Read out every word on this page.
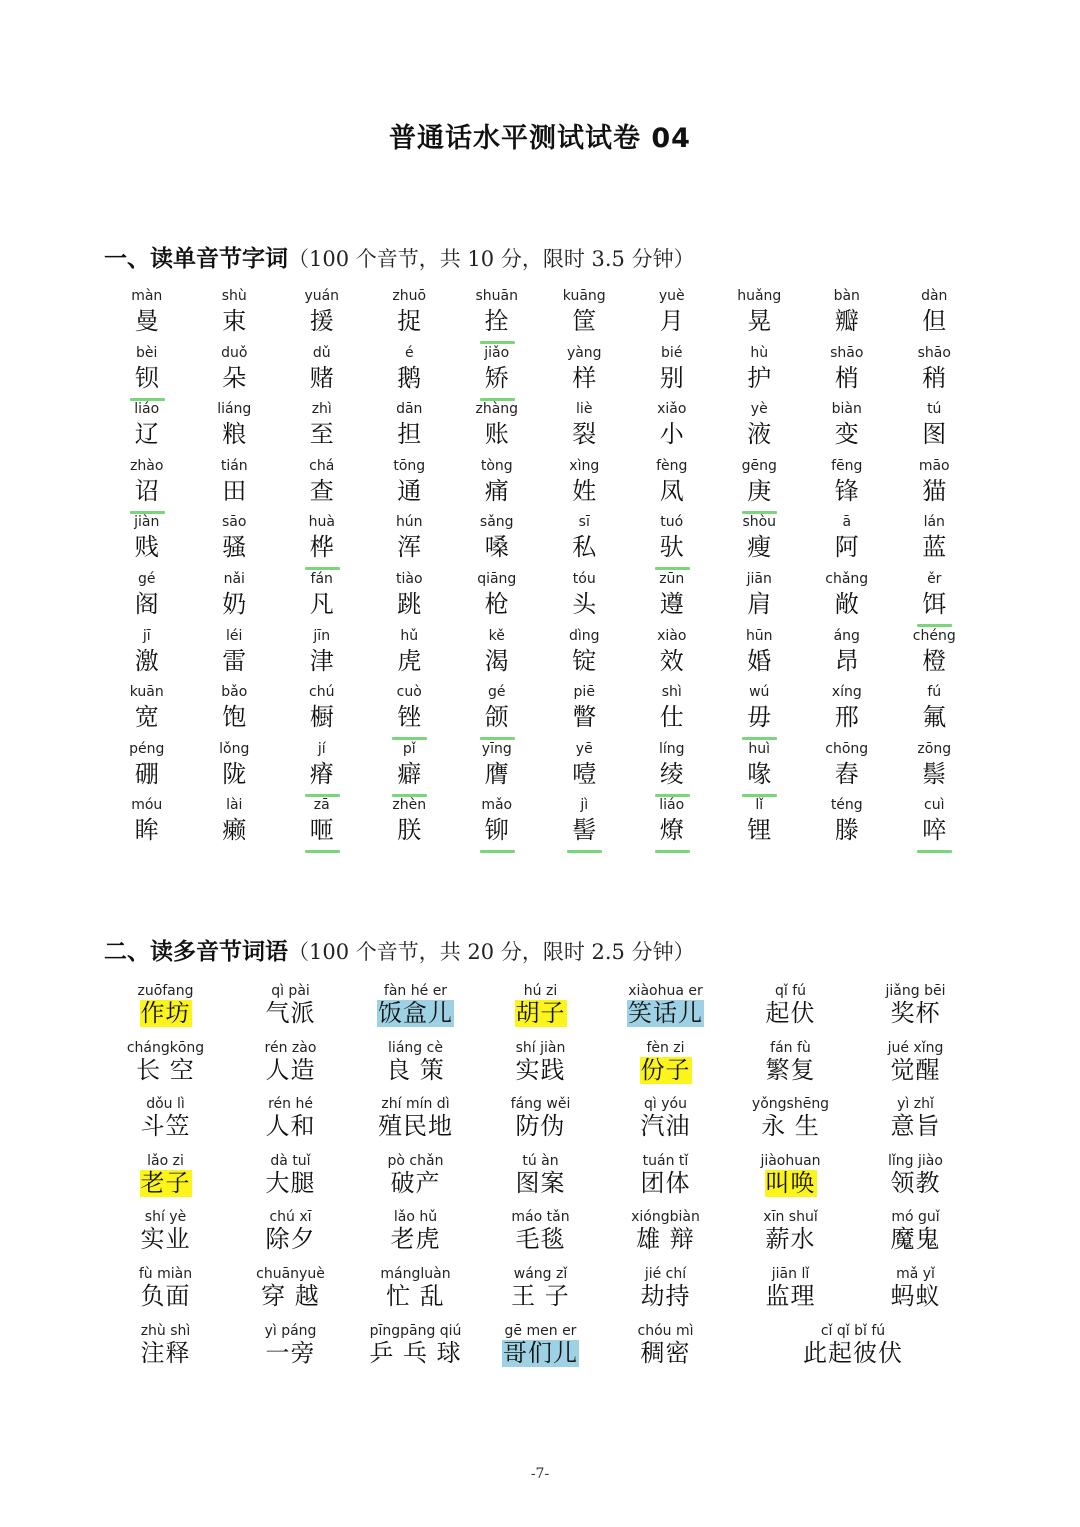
普通话水平测试试卷 04
一、读单音节字词（100 个音节，共 10 分，限时 3.5 分钟）
màn
曼
shù
束
yuán
援
zhuō
捉
shuān
拴
kuāng
筐
yuè
月
huǎng
晃
bàn
瓣
dàn
但
bèi
钡
duǒ
朵
dǔ
赌
é
鹅
jiǎo
矫
yàng
样
bié
别
hù
护
shāo
梢
shāo
稍
liáo
辽
liáng
粮
zhì
至
dān
担
zhàng
账
liè
裂
xiǎo
小
yè
液
biàn
变
tú
图
zhào
诏
tián
田
chá
查
tōng
通
tòng
痛
xìng
姓
fèng
凤
gēng
庚
fēng
锋
māo
猫
jiàn
贱
sāo
骚
huà
桦
hún
浑
sǎng
嗓
sī
私
tuó
驮
shòu
瘦
ā
阿
lán
蓝
gé
阁
nǎi
奶
fán
凡
tiào
跳
qiāng
枪
tóu
头
zūn
遵
jiān
肩
chǎng
敞
ěr
饵
jī
激
léi
雷
jīn
津
hǔ
虎
kě
渴
dìng
锭
xiào
效
hūn
婚
áng
昂
chéng
橙
kuān
宽
bǎo
饱
chú
橱
cuò
锉
gé
颌
piē
瞥
shì
仕
wú
毋
xíng
邢
fú
氟
péng
硼
lǒng
陇
jí
瘠
pǐ
癖
yīng
膺
yē
噎
líng
绫
huì
喙
chōng
舂
zōng
鬃
móu
眸
lài
癞
zā
咂
zhèn
朕
mǎo
铆
jì
髻
liáo
燎
lǐ
锂
téng
滕
cuì
啐
二、读多音节词语（100 个音节，共 20 分，限时 2.5 分钟）
zuōfang
作坊
qì pài
气派
fàn hé er
饭盒儿
hú zi
胡子
xiàohua er
笑话儿
qǐ fú
起伏
jiǎng bēi
奖杯
chángkōng
长 空
rén zào
人造
liáng cè
良 策
shí jiàn
实践
fèn zi
份子
fán fù
繁复
jué xǐng
觉醒
dǒu lì
斗笠
rén hé
人和
zhí mín dì
殖民地
fáng wěi
防伪
qì yóu
汽油
yǒngshēng
永 生
yì zhǐ
意旨
lǎo zi
老子
dà tuǐ
大腿
pò chǎn
破产
tú àn
图案
tuán tǐ
团体
jiàohuan
叫唤
lǐng jiào
领教
shí yè
实业
chú xī
除夕
lǎo hǔ
老虎
máo tǎn
毛毯
xióngbiàn
雄 辩
xīn shuǐ
薪水
mó guǐ
魔鬼
fù miàn
负面
chuānyuè
穿 越
mángluàn
忙 乱
wáng zǐ
王 子
jié chí
劫持
jiān lǐ
监理
mǎ yǐ
蚂蚁
zhù shì
注释
yì páng
一旁
pīngpāng qiú
乒 乓 球
gē men er
哥们儿
chóu mì
稠密
cǐ qǐ bǐ fú
此起彼伏
-7-
